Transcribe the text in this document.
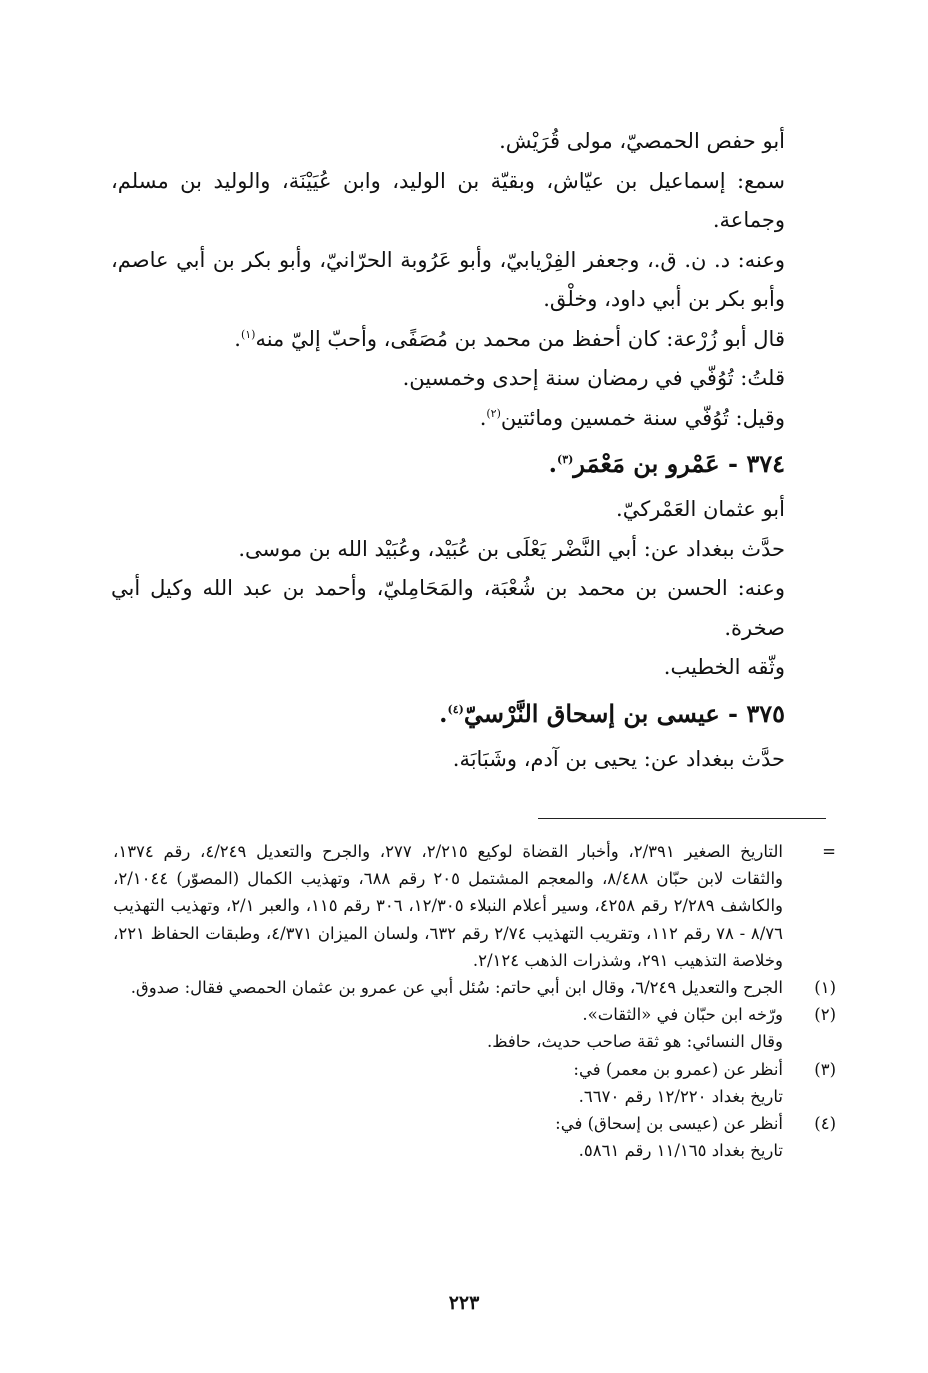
أبو حفص الحمصيّ، مولى قُرَيْش.

سمع: إسماعيل بن عيّاش، وبقيّة بن الوليد، وابن عُيَيْنَة، والوليد بن مسلم، وجماعة.

وعنه: د. ن. ق.، وجعفر الفِرْيابيّ، وأبو عَرُوبة الحرّانيّ، وأبو بكر بن أبي عاصم، وأبو بكر بن أبي داود، وخلْق.

قال أبو زُرْعة: كان أحفظ من محمد بن مُصَفًى، وأحبّ إليّ منه$^{(١)}$.

قلتُ: تُوُفّي في رمضان سنة إحدى وخمسين.

وقيل: تُوُفّي سنة خمسين ومائتين$^{(٢)}$.

٣٧٤ - عَمْرو بن مَعْمَر$^{(٣)}$.

أبو عثمان العَمْركيّ.

حدَّث ببغداد عن: أبي النَّضْر يَعْلَى بن عُبَيْد، وعُبَيْد الله بن موسى.

وعنه: الحسن بن محمد بن شُعْبَة، والمَحَامِليّ، وأحمد بن عبد الله وكيل أبي صخرة.

وثّقه الخطيب.

٣٧٥ - عيسى بن إسحاق النَّرْسيّ$^{(٤)}$.

حدَّث ببغداد عن: يحيى بن آدم، وشَبَابَة.

=

التاريخ الصغير ٢/٣٩١، وأخبار القضاة لوكيع ٢/٢١٥، ٢٧٧، والجرح والتعديل ٤/٢٤٩، رقم ١٣٧٤، والثقات لابن حبّان ٨/٤٨٨، والمعجم المشتمل ٢٠٥ رقم ٦٨٨، وتهذيب الكمال (المصوّر) ٢/١٠٤٤، والكاشف ٢/٢٨٩ رقم ٤٢٥٨، وسير أعلام النبلاء ١٢/٣٠٥، ٣٠٦ رقم ١١٥، والعبر ٢/١، وتهذيب التهذيب ٨/٧٦ - ٧٨ رقم ١١٢، وتقريب التهذيب ٢/٧٤ رقم ٦٣٢، ولسان الميزان ٤/٣٧١، وطبقات الحفاظ ٢٢١، وخلاصة التذهيب ٢٩١، وشذرات الذهب ٢/١٢٤.

(١)

الجرح والتعديل ٦/٢٤٩، وقال ابن أبي حاتم: سُئل أبي عن عمرو بن عثمان الحمصي فقال: صدوق.

(٢)

ورّخه ابن حبّان في «الثقات».

وقال النسائي: هو ثقة صاحب حديث، حافظ.

(٣)

أنظر عن (عمرو بن معمر) في:

تاريخ بغداد ١٢/٢٢٠ رقم ٦٦٧٠.

(٤)

أنظر عن (عيسى بن إسحاق) في:

تاريخ بغداد ١١/١٦٥ رقم ٥٨٦١.

٢٢٣
